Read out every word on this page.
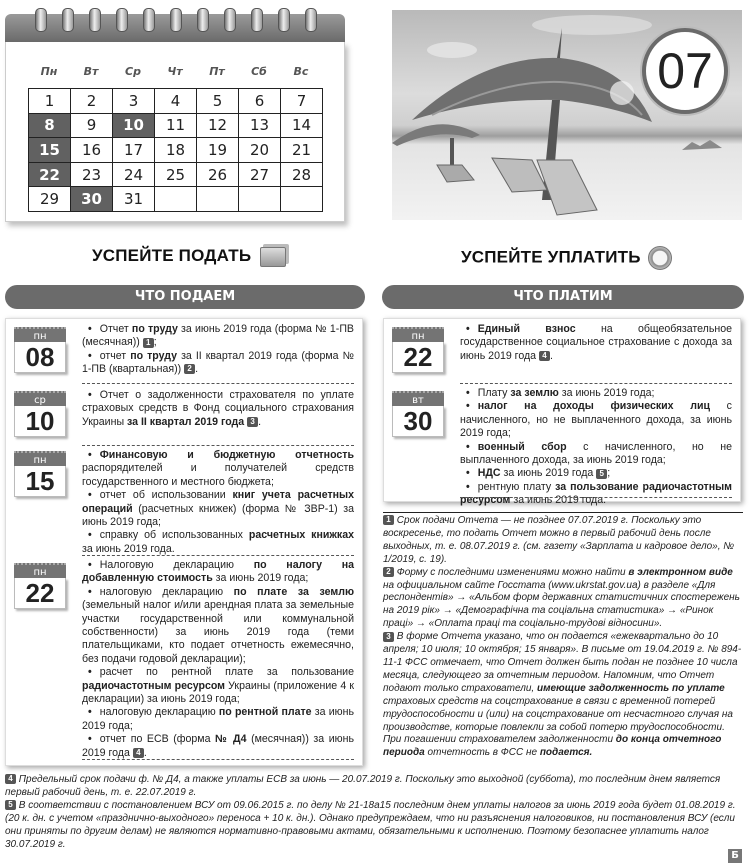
Пн	Вт	Ср	Чт	Пт	Сб	Вс
1	2	3	4	5	6	7
8	9	10	11	12	13	14
15	16	17	18	19	20	21
22	23	24	25	26	27	28
29	30	31				
07
УСПЕЙТЕ ПОДАТЬ	УСПЕЙТЕ УПЛАТИТЬ
ЧТО ПОДАЕМ	ЧТО ПЛАТИМ
пн
08

• Отчет по труду за июнь 2019 года (форма № 1-ПВ (месячная)) 1 ;

• отчет по труду за II квартал 2019 года (форма № 1-ПВ (квартальная)) 2 .

ср
10

• Отчет о задолженности страхователя по уплате страховых средств в Фонд социального страхования Украины за II квартал 2019 года 3 .

пн
15

• Финансовую и бюджетную отчетность распорядителей и получателей средств государственного и местного бюджета;

• отчет об использовании книг учета расчетных операций (расчетных книжек) (форма № ЗВР-1) за июнь 2019 года;

• справку об использованных расчетных книжках за июнь 2019 года.

пн
22

• Налоговую декларацию по налогу на добавленную стоимость за июнь 2019 года;

• налоговую декларацию по плате за землю (земельный налог и/или арендная плата за земельные участки государственной или коммунальной собственности) за июнь 2019 года (теми плательщиками, кто подает отчетность ежемесячно, без подачи годовой декларации);

• расчет по рентной плате за пользование радиочастотным ресурсом Украины (приложение 4 к декларации) за июнь 2019 года;

• налоговую декларацию по рентной плате за июнь 2019 года;

• отчет по ЕСВ (форма № Д4 (месячная)) за июнь 2019 года 4 .

пн
22

• Единый взнос на общеобязательное государственное социальное страхование с дохода за июнь 2019 года 4 .

вт
30

• Плату за землю за июнь 2019 года;

• налог на доходы физических лиц с начисленного, но не выплаченного дохода, за июнь 2019 года;

• военный сбор с начисленного, но не выплаченного дохода, за июнь 2019 года;

• НДС за июнь 2019 года 5 ;

• рентную плату за пользование радиочастотным ресурсом за июнь 2019 года.

1 Срок подачи Отчета — не позднее 07.07.2019 г. Поскольку это воскресенье, то подать Отчет можно в первый рабочий день после выходных, т. е. 08.07.2019 г. (см. газету «Зарплата и кадровое дело», № 1/2019, с. 19).

2 Форму с последними изменениями можно найти в электронном виде на официальном сайте Госстата (www.ukrstat.gov.ua) в разделе «Для респондентів» → «Альбом форм державних статистичних спостережень на 2019 рік» → «Демографічна та соціальна статистика» → «Ринок праці» → «Оплата праці та соціально-трудові відносини».

3 В форме Отчета указано, что он подается «ежеквартально до 10 апреля; 10 июля; 10 октября; 15 января». В письме от 19.04.2019 г. № 894-11-1 ФСС отмечает, что Отчет должен быть подан не позднее 10 числа месяца, следующего за отчетным периодом. Напомним, что Отчет подают только страхователи, имеющие задолженность по уплате страховых средств на соцстрахование в связи с временной потерей трудоспособности и (или) на соцстрахование от несчастного случая на производстве, которые повлекли за собой потерю трудоспособности. При погашении страхователем задолженности до конца отчетного периода отчетность в ФСС не подается.

4 Предельный срок подачи ф. № Д4, а также уплаты ЕСВ за июнь — 20.07.2019 г. Поскольку это выходной (суббота), то последним днем является первый рабочий день, т. е. 22.07.2019 г.

5 В соответствии с постановлением ВСУ от 09.06.2015 г. по делу № 21-18а15 последним днем уплаты налогов за июнь 2019 года будет 01.08.2019 г. (20 к. дн. с учетом «празднично-выходного» переноса + 10 к. дн.). Однако предупреждаем, что ни разъяснения налоговиков, ни постановления ВСУ (если они приняты по другим делам) не являются нормативно-правовыми актами, обязательными к исполнению. Поэтому безопаснее уплатить налог 30.07.2019 г.

Б
